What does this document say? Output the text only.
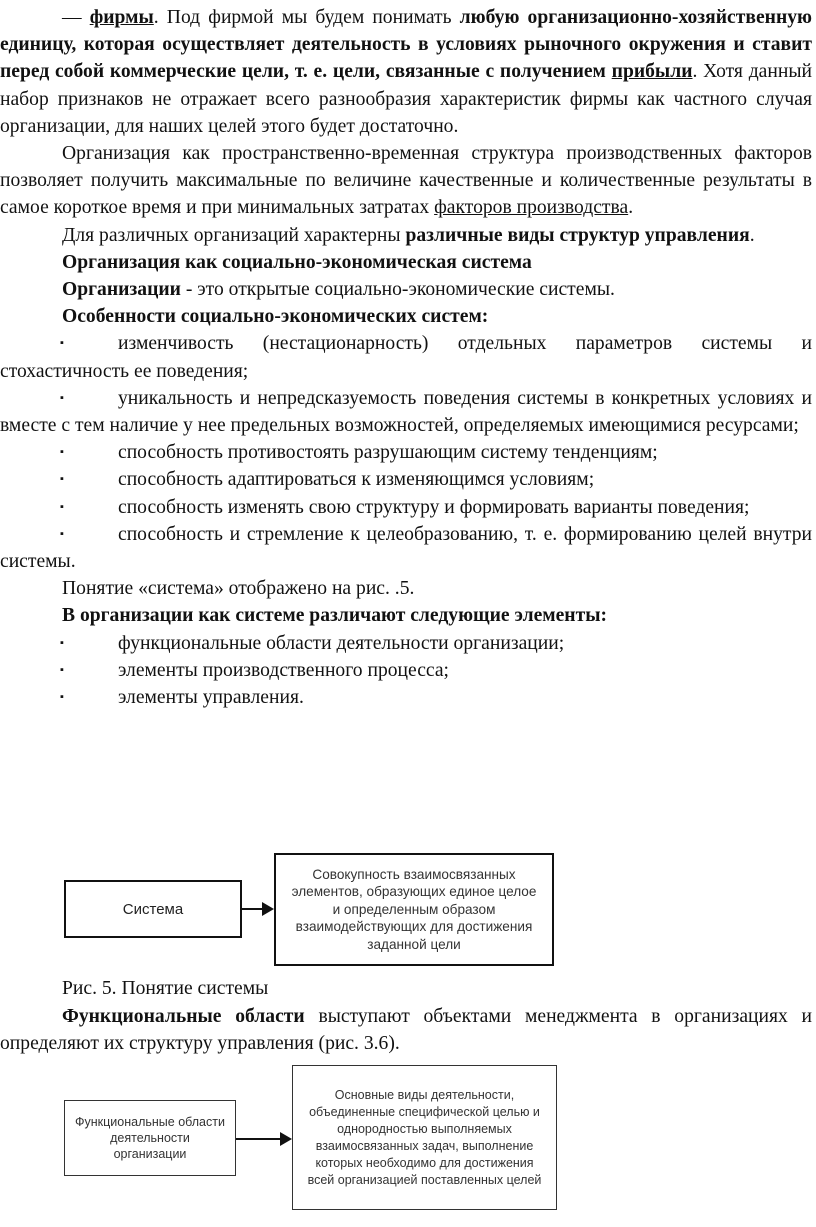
— фирмы. Под фирмой мы будем понимать любую организационно-хозяйственную единицу, которая осуществляет деятельность в условиях рыночного окружения и ставит перед собой коммерческие цели, т. е. цели, связанные с получением прибыли. Хотя данный набор признаков не отражает всего разнообразия характеристик фирмы как частного случая организации, для наших целей этого будет достаточно.

Организация как пространственно-временная структура производственных факторов позволяет получить максимальные по величине качественные и количественные результаты в самое короткое время и при минимальных затратах факторов производства.

Для различных организаций характерны различные виды структур управления.

Организация как социально-экономическая система

Организации - это открытые социально-экономические системы.

Особенности социально-экономических систем:

▪	изменчивость (нестационарность) отдельных параметров системы и стохастичность ее поведения;

▪	уникальность и непредсказуемость поведения системы в конкретных условиях и вместе с тем наличие у нее предельных возможностей, определяемых имеющимися ресурсами;

▪	способность противостоять разрушающим систему тенденциям;

▪	способность адаптироваться к изменяющимся условиям;

▪	способность изменять свою структуру и формировать варианты поведения;

▪	способность и стремление к целеобразованию, т. е. формированию целей внутри системы.

Понятие «система» отображено на рис. .5.

В организации как системе различают следующие элементы:

▪	функциональные области деятельности организации;

▪	элементы производственного процесса;

▪	элементы управления.

Система
Совокупность взаимосвязанных элементов, образующих единое целое и определенным образом взаимодействующих для достижения заданной цели

Рис. 5. Понятие системы

Функциональные области выступают объектами менеджмента в организациях и определяют их структуру управления (рис. 3.6).

Функциональные области деятельности организации
Основные виды деятельности, объединенные специфической целью и однородностью выполняемых взаимосвязанных задач, выполнение которых необходимо для достижения всей организацией поставленных целей
